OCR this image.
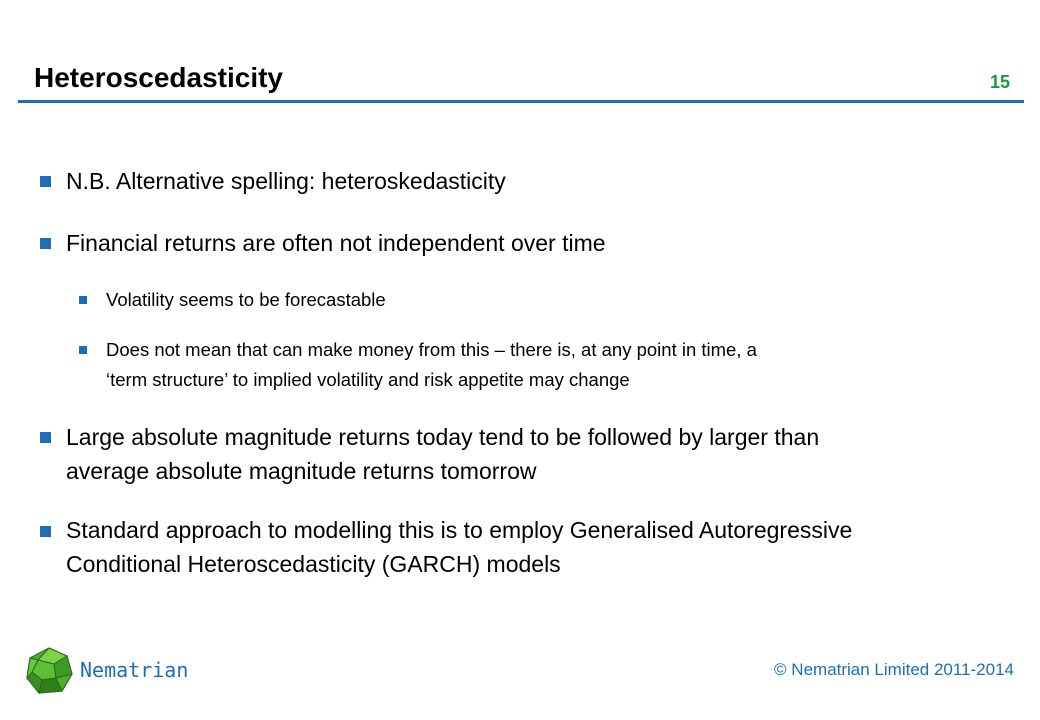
Heteroscedasticity	15
N.B. Alternative spelling: heteroskedasticity
Financial returns are often not independent over time
Volatility seems to be forecastable
Does not mean that can make money from this – there is, at any point in time, a
‘term structure’ to implied volatility and risk appetite may change
Large absolute magnitude returns today tend to be followed by larger than
average absolute magnitude returns tomorrow
Standard approach to modelling this is to employ Generalised Autoregressive
Conditional Heteroscedasticity (GARCH) models
Nematrian	© Nematrian Limited 2011-2014
